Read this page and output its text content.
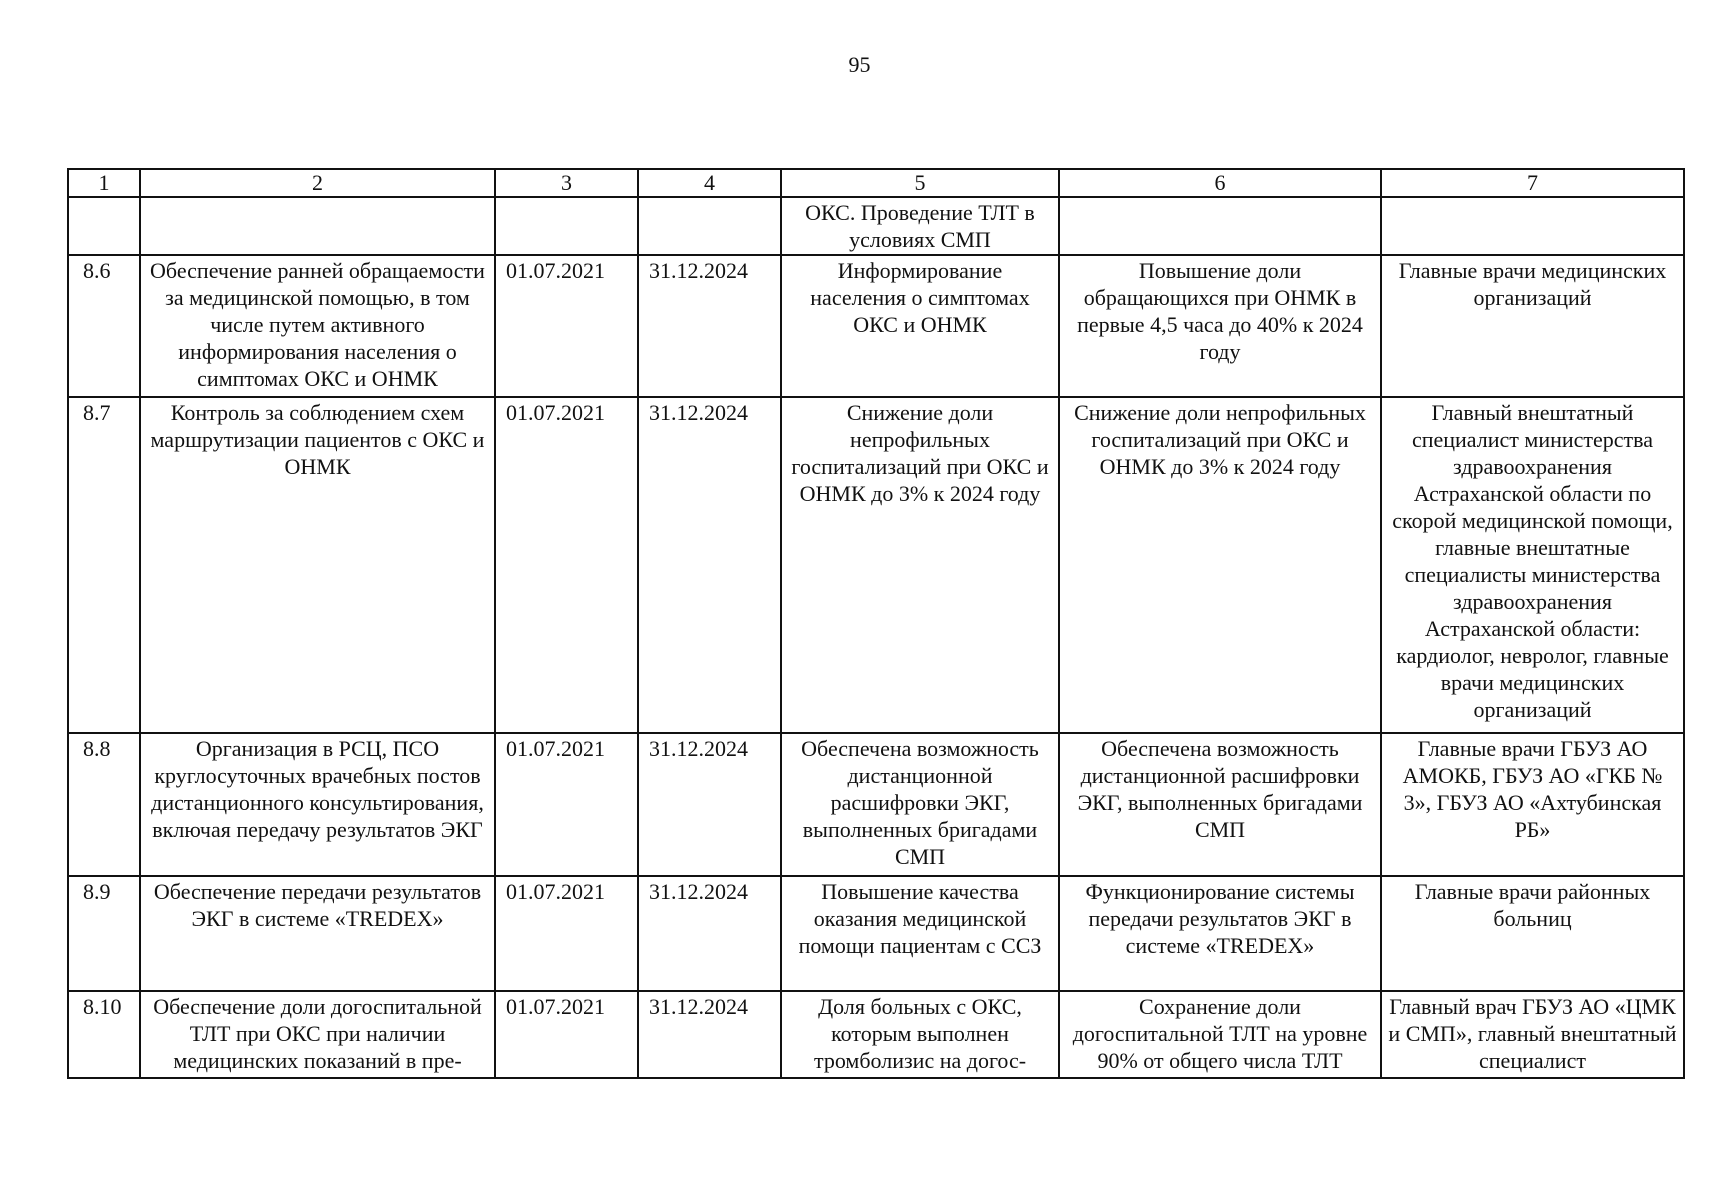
95
1	2	3	4	5	6	7
				ОКС. Проведение ТЛТ в условиях СМП		
8.6	Обеспечение ранней обращаемости за медицинской помощью, в том числе путем активного информирования населения о симптомах ОКС и ОНМК	01.07.2021	31.12.2024	Информирование населения о симптомах ОКС и ОНМК	Повышение доли обращающихся при ОНМК в первые 4,5 часа до 40% к 2024 году	Главные врачи медицинских организаций
8.7	Контроль за соблюдением схем маршрутизации пациентов с ОКС и ОНМК	01.07.2021	31.12.2024	Снижение доли непрофильных госпитализаций при ОКС и ОНМК до 3% к 2024 году	Снижение доли непрофильных госпитализаций при ОКС и ОНМК до 3% к 2024 году	Главный внештатный специалист министерства здравоохранения Астраханской области по скорой медицинской помощи, главные внештатные специалисты министерства здравоохранения Астраханской области: кардиолог, невролог, главные врачи медицинских организаций
8.8	Организация в РСЦ, ПСО круглосуточных врачебных постов дистанционного консультирования, включая передачу результатов ЭКГ	01.07.2021	31.12.2024	Обеспечена возможность дистанционной расшифровки ЭКГ, выполненных бригадами СМП	Обеспечена возможность дистанционной расшифровки ЭКГ, выполненных бригадами СМП	Главные врачи ГБУЗ АО АМОКБ, ГБУЗ АО «ГКБ № 3», ГБУЗ АО «Ахтубинская РБ»
8.9	Обеспечение передачи результатов ЭКГ в системе «TREDEX»	01.07.2021	31.12.2024	Повышение качества оказания медицинской помощи пациентам с ССЗ	Функционирование системы передачи результатов ЭКГ в системе «TREDEX»	Главные врачи районных больниц
8.10	Обеспечение доли догоспитальной ТЛТ при ОКС при наличии медицинских показаний в пре-	01.07.2021	31.12.2024	Доля больных с ОКС, которым выполнен тромболизис на догос-	Сохранение доли догоспитальной ТЛТ на уровне 90% от общего числа ТЛТ	Главный врач ГБУЗ АО «ЦМК и СМП», главный внештатный специалист
